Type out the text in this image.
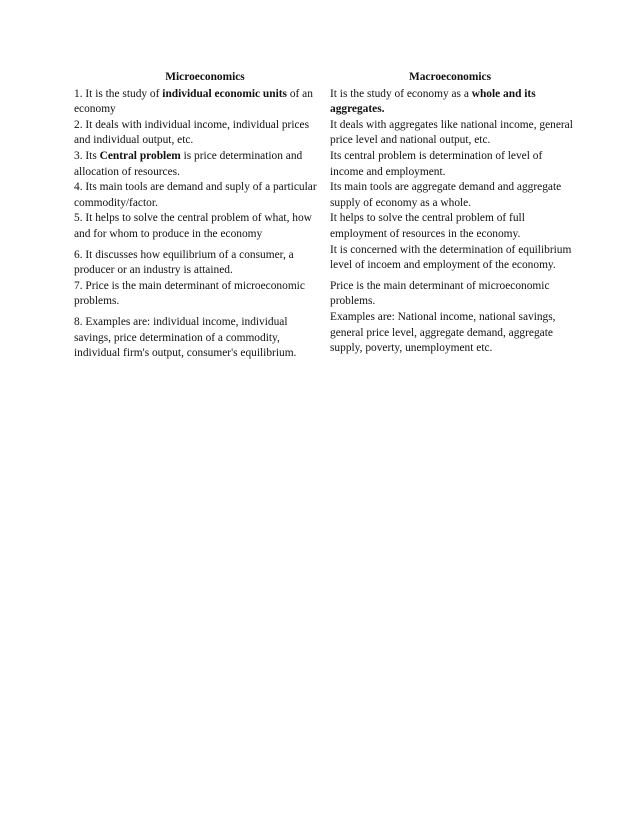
Microeconomics	Macroeconomics
1. It is the study of individual economic units of an economy
It is the study of economy as a whole and its aggregates.
2. It deals with individual income, individual prices and individual output, etc.
It deals with aggregates like national income, general price level and national output, etc.
3. Its Central problem is price determination and allocation of resources.
Its central problem is determination of level of income and employment.
4. Its main tools are demand and suply of a particular commodity/factor.
Its main tools are aggregate demand and aggregate supply of economy as a whole.
5. It helps to solve the central problem of what, how and for whom to produce in the economy
It helps to solve the central problem of full employment of resources in the economy.
6. It discusses how equilibrium of a consumer, a producer or an industry is attained.
It is concerned with the determination of equilibrium level of incoem and employment of the economy.
7. Price is the main determinant of microeconomic problems.
Price is the main determinant of microeconomic problems.
8. Examples are: individual income, individual savings, price determination of a commodity, individual firm's output, consumer's equilibrium.
Examples are: National income, national savings, general price level, aggregate demand, aggregate supply, poverty, unemployment etc.
